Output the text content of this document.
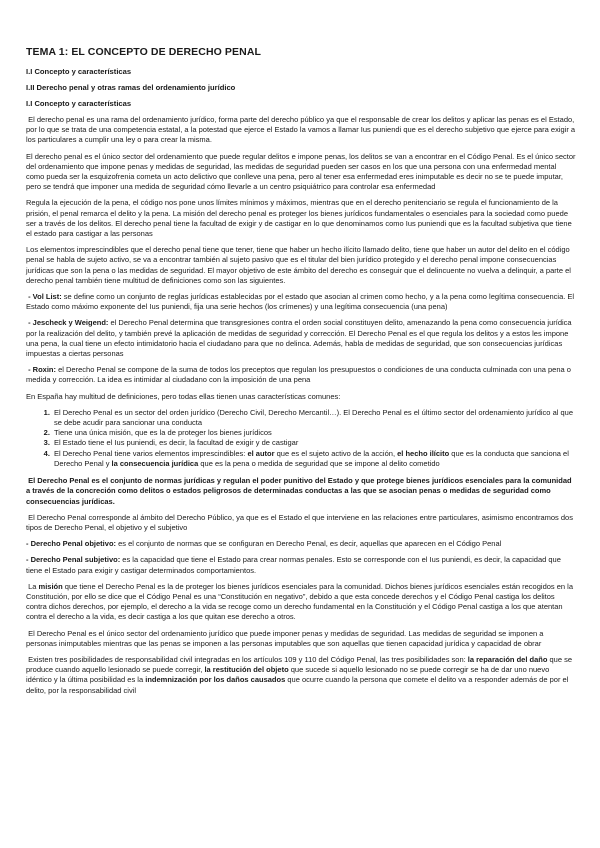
TEMA 1: EL CONCEPTO DE DERECHO PENAL
I.I Concepto y características
I.II Derecho penal y otras ramas del ordenamiento jurídico
I.I Concepto y características

El derecho penal es una rama del ordenamiento jurídico, forma parte del derecho público ya que el responsable de crear los delitos y aplicar las penas es el Estado, por lo que se trata de una competencia estatal, a la potestad que ejerce el Estado la vamos a llamar Ius puniendi que es el derecho subjetivo que ejerce para exigir a los particulares a cumplir una ley o para crear la misma.

El derecho penal es el único sector del ordenamiento que puede regular delitos e impone penas, los delitos se van a encontrar en el Código Penal. Es el único sector del ordenamiento que impone penas y medidas de seguridad, las medidas de seguridad pueden ser casos en los que una persona con una enfermedad mental como pueda ser la esquizofrenia cometa un acto delictivo que conlleve una pena, pero al tener esa enfermedad eres inimputable es decir no se te puede imputar, pero se tendrá que imponer una medida de seguridad cómo llevarle a un centro psiquiátrico para controlar esa enfermedad

Regula la ejecución de la pena, el código nos pone unos límites mínimos y máximos, mientras que en el derecho penitenciario se regula el funcionamiento de la prisión, el penal remarca el delito y la pena. La misión del derecho penal es proteger los bienes jurídicos fundamentales o esenciales para la sociedad como puede ser a través de los delitos. El derecho penal tiene la facultad de exigir y de castigar en lo que denominamos como Ius puniendi que es la facultad subjetiva que tiene el estado para castigar a las personas

Los elementos imprescindibles que el derecho penal tiene que tener, tiene que haber un hecho ilícito llamado delito, tiene que haber un autor del delito en el código penal se habla de sujeto activo, se va a encontrar también al sujeto pasivo que es el titular del bien jurídico protegido y el derecho penal impone consecuencias jurídicas que son la pena o las medidas de seguridad. El mayor objetivo de este ámbito del derecho es conseguir que el delincuente no vuelva a delinquir, a parte el derecho penal también tiene multitud de definiciones como son las siguientes.

- Vol List: se define como un conjunto de reglas jurídicas establecidas por el estado que asocian al crimen como hecho, y a la pena como legítima consecuencia. El Estado como máximo exponente del Ius puniendi, fija una serie hechos (los crímenes) y una legítima consecuencia (una pena)

- Jescheck y Weigend: el Derecho Penal determina que transgresiones contra el orden social constituyen delito, amenazando la pena como consecuencia jurídica por la realización del delito, y también prevé la aplicación de medidas de seguridad y corrección. El Derecho Penal es el que regula los delitos y a estos les impone una pena, la cual tiene un efecto intimidatorio hacia el ciudadano para que no delinca. Además, habla de medidas de seguridad, que son consecuencias jurídicas impuestas a ciertas personas

- Roxin: el Derecho Penal se compone de la suma de todos los preceptos que regulan los presupuestos o condiciones de una conducta culminada con una pena o medida y corrección. La idea es intimidar al ciudadano con la imposición de una pena

En España hay multitud de definiciones, pero todas ellas tienen unas características comunes:

1. El Derecho Penal es un sector del orden jurídico (Derecho Civil, Derecho Mercantil…). El Derecho Penal es el último sector del ordenamiento jurídico al que se debe acudir para sancionar una conducta
2. Tiene una única misión, que es la de proteger los bienes jurídicos
3. El Estado tiene el Ius puniendi, es decir, la facultad de exigir y de castigar
4. El Derecho Penal tiene varios elementos imprescindibles: el autor que es el sujeto activo de la acción, el hecho ilícito que es la conducta que sanciona el Derecho Penal y la consecuencia jurídica que es la pena o medida de seguridad que se impone al delito cometido

El Derecho Penal es el conjunto de normas jurídicas y regulan el poder punitivo del Estado y que protege bienes jurídicos esenciales para la comunidad a través de la concreción como delitos o estados peligrosos de determinadas conductas a las que se asocian penas o medidas de seguridad como consecuencias jurídicas.

El Derecho Penal corresponde al ámbito del Derecho Público, ya que es el Estado el que interviene en las relaciones entre particulares, asimismo encontramos dos tipos de Derecho Penal, el objetivo y el subjetivo

- Derecho Penal objetivo: es el conjunto de normas que se configuran en Derecho Penal, es decir, aquellas que aparecen en el Código Penal

- Derecho Penal subjetivo: es la capacidad que tiene el Estado para crear normas penales. Esto se corresponde con el Ius puniendi, es decir, la capacidad que tiene el Estado para exigir y castigar determinados comportamientos.

La misión que tiene el Derecho Penal es la de proteger los bienes jurídicos esenciales para la comunidad. Dichos bienes jurídicos esenciales están recogidos en la Constitución, por ello se dice que el Código Penal es una “Constitución en negativo”, debido a que esta concede derechos y el Código Penal castiga los delitos contra dichos derechos, por ejemplo, el derecho a la vida se recoge como un derecho fundamental en la Constitución y el Código Penal castiga a los que atentan contra el derecho a la vida, es decir castiga a los que quitan ese derecho a otros.

El Derecho Penal es el único sector del ordenamiento jurídico que puede imponer penas y medidas de seguridad. Las medidas de seguridad se imponen a personas inimputables mientras que las penas se imponen a las personas imputables que son aquellas que tienen capacidad jurídica y capacidad de obrar

Existen tres posibilidades de responsabilidad civil integradas en los artículos 109 y 110 del Código Penal, las tres posibilidades son: la reparación del daño que se produce cuando aquello lesionado se puede corregir, la restitución del objeto que sucede si aquello lesionado no se puede corregir se ha de dar uno nuevo idéntico y la última posibilidad es la indemnización por los daños causados que ocurre cuando la persona que comete el delito va a responder además de por el delito, por la responsabilidad civil
